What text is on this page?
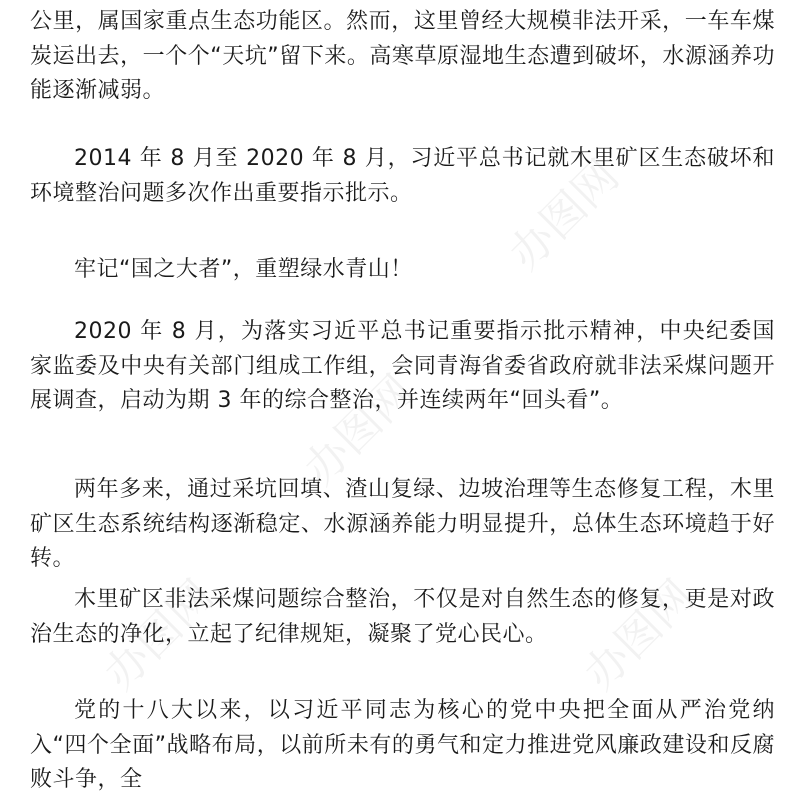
办图网
办图网
办图网	办图网

公里，属国家重点生态功能区。然而，这里曾经大规模非法开采，一车车煤炭运出去，一个个“天坑”留下来。高寒草原湿地生态遭到破坏，水源涵养功能逐渐减弱。

2014 年 8 月至 2020 年 8 月，习近平总书记就木里矿区生态破坏和环境整治问题多次作出重要指示批示。

牢记“国之大者”，重塑绿水青山！

2020 年 8 月，为落实习近平总书记重要指示批示精神，中央纪委国家监委及中央有关部门组成工作组，会同青海省委省政府就非法采煤问题开展调查，启动为期 3 年的综合整治，并连续两年“回头看”。

两年多来，通过采坑回填、渣山复绿、边坡治理等生态修复工程，木里矿区生态系统结构逐渐稳定、水源涵养能力明显提升，总体生态环境趋于好转。

木里矿区非法采煤问题综合整治，不仅是对自然生态的修复，更是对政治生态的净化，立起了纪律规矩，凝聚了党心民心。

党的十八大以来，以习近平同志为核心的党中央把全面从严治党纳入“四个全面”战略布局，以前所未有的勇气和定力推进党风廉政建设和反腐败斗争，全
